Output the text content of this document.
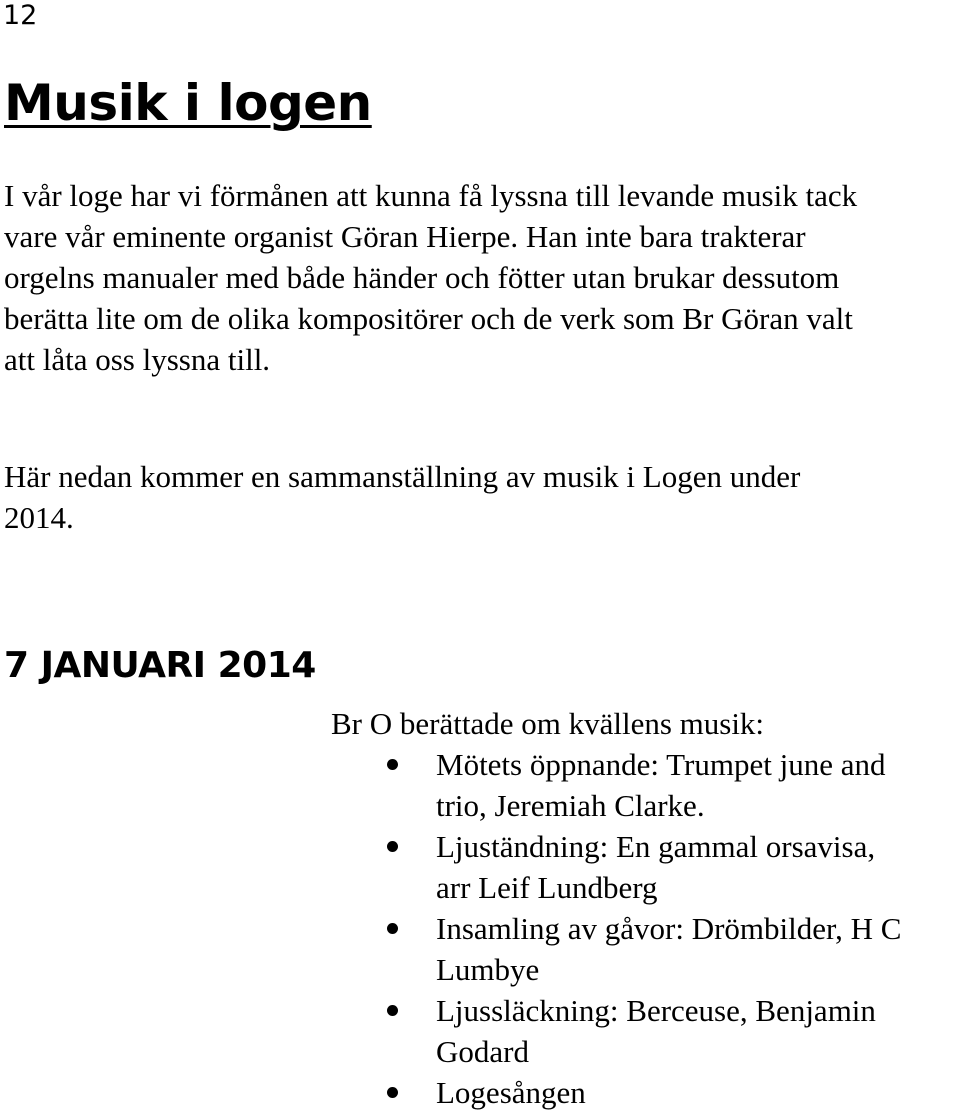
12
Musik i logen

I vår loge har vi förmånen att kunna få lyssna till levande musik tack
vare vår eminente organist Göran Hierpe. Han inte bara trakterar
orgelns manualer med både händer och fötter utan brukar dessutom
berätta lite om de olika kompositörer och de verk som Br Göran valt
att låta oss lyssna till.

Här nedan kommer en sammanställning av musik i Logen under
2014.

7 JANUARI 2014

Br O berättade om kvällens musik:

Mötets öppnande: Trumpet june and
trio, Jeremiah Clarke.
Ljuständning: En gammal orsavisa,
arr Leif Lundberg
Insamling av gåvor: Drömbilder, H C
Lumbye
Ljussläckning: Berceuse, Benjamin
Godard
Logesången
